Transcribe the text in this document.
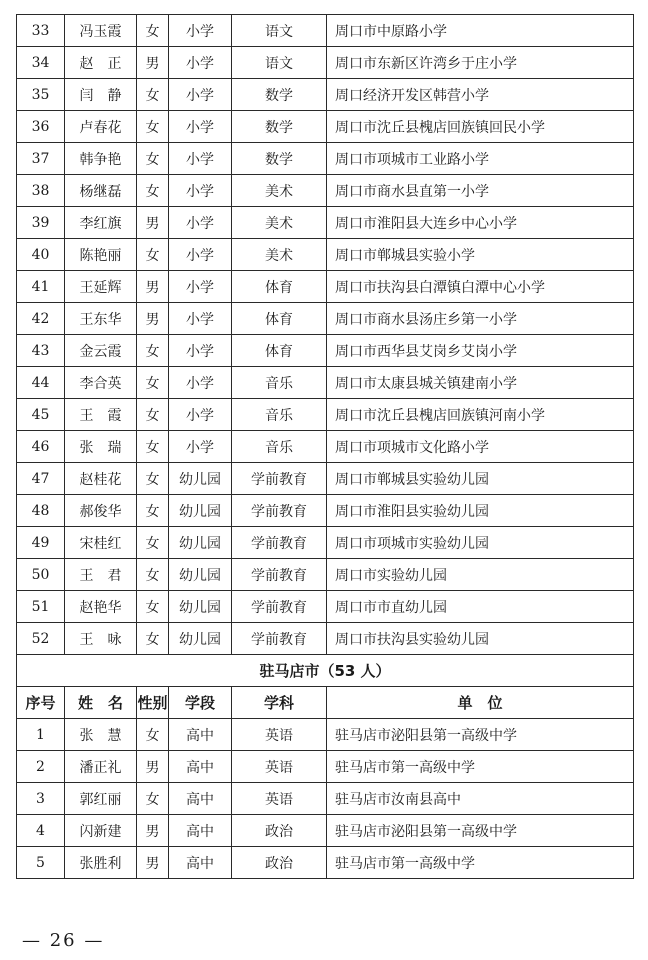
33	冯玉霞	女	小学	语文	周口市中原路小学
34	赵　正	男	小学	语文	周口市东新区许湾乡于庄小学
35	闫　静	女	小学	数学	周口经济开发区韩营小学
36	卢春花	女	小学	数学	周口市沈丘县槐店回族镇回民小学
37	韩争艳	女	小学	数学	周口市项城市工业路小学
38	杨继磊	女	小学	美术	周口市商水县直第一小学
39	李红旗	男	小学	美术	周口市淮阳县大连乡中心小学
40	陈艳丽	女	小学	美术	周口市郸城县实验小学
41	王延辉	男	小学	体育	周口市扶沟县白潭镇白潭中心小学
42	王东华	男	小学	体育	周口市商水县汤庄乡第一小学
43	金云霞	女	小学	体育	周口市西华县艾岗乡艾岗小学
44	李合英	女	小学	音乐	周口市太康县城关镇建南小学
45	王　霞	女	小学	音乐	周口市沈丘县槐店回族镇河南小学
46	张　瑞	女	小学	音乐	周口市项城市文化路小学
47	赵桂花	女	幼儿园	学前教育	周口市郸城县实验幼儿园
48	郝俊华	女	幼儿园	学前教育	周口市淮阳县实验幼儿园
49	宋桂红	女	幼儿园	学前教育	周口市项城市实验幼儿园
50	王　君	女	幼儿园	学前教育	周口市实验幼儿园
51	赵艳华	女	幼儿园	学前教育	周口市市直幼儿园
52	王　咏	女	幼儿园	学前教育	周口市扶沟县实验幼儿园
驻马店市（53 人）					
序号	姓　名	性别	学段	学科	单　位
1	张　慧	女	高中	英语	驻马店市泌阳县第一高级中学
2	潘正礼	男	高中	英语	驻马店市第一高级中学
3	郭红丽	女	高中	英语	驻马店市汝南县高中
4	闪新建	男	高中	政治	驻马店市泌阳县第一高级中学
5	张胜利	男	高中	政治	驻马店市第一高级中学
— 26 —
